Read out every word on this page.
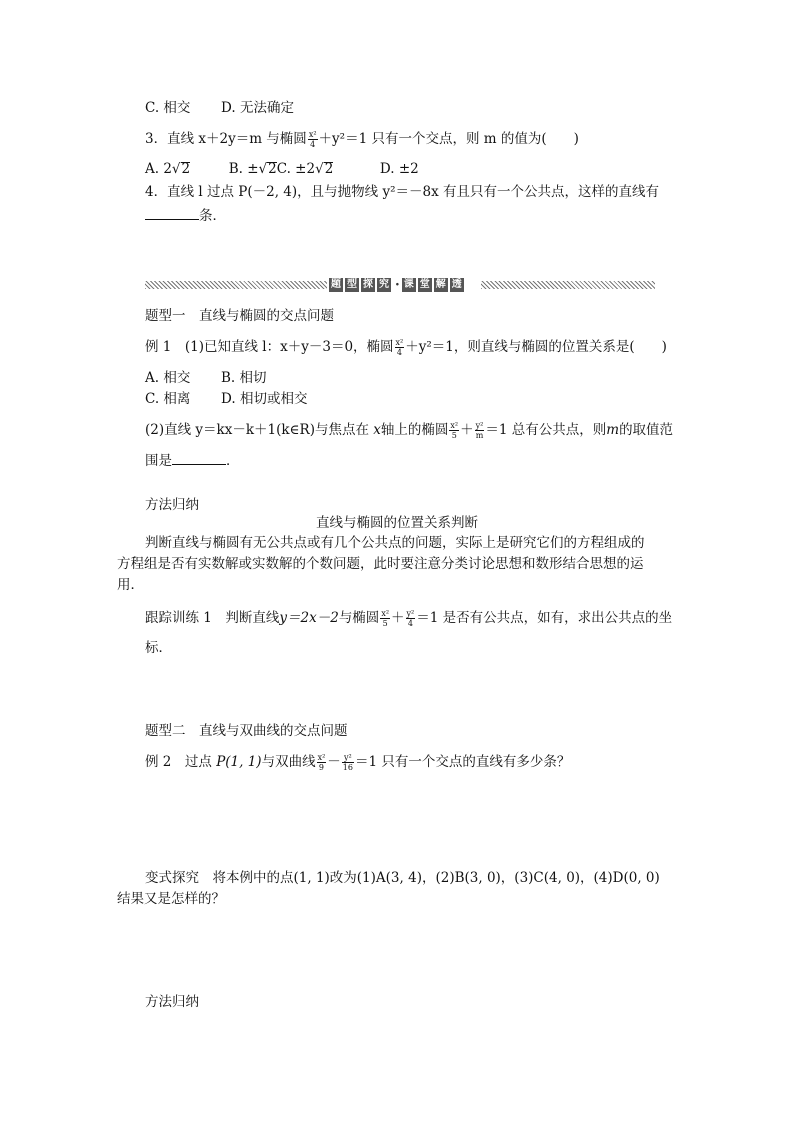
C. 相交 D. 无法确定
3．直线 x＋2y＝m 与椭圆 $\frac{\text{x²}}{4} +y^2=1$ 只有一个交点，则 m 的值为(　　)
A. 2√2	B. ±√2C. ±2√2	D. ±2
4．直线 l 过点 P(－2, 4)，且与抛物线 y²＝－8x 有且只有一个公共点，这样的直线有
条．
题 型 探 究 · 课 堂 解 透
题型一　直线与椭圆的交点问题
例 1　(1)已知直线 l：x＋y－3＝0，椭圆 $\frac{\text{x²}}{4} +y^2=1$，则直线与椭圆的位置关系是(　　)
A. 相交 B. 相切
C. 相离 D. 相切或相交
(2)直线 y＝kx－k＋1(k∈R)与焦点在 x轴上的椭圆 $\frac{\text{x²}}{5} + \frac{\text{y²}}{m} =1$ 总有公共点，则m的取值范
围是	．
方法归纳
直线与椭圆的位置关系判断
判断直线与椭圆有无公共点或有几个公共点的问题，实际上是研究它们的方程组成的方程组是否有实数解或实数解的个数问题，此时要注意分类讨论思想和数形结合思想的运用．
跟踪训练 1　判断直线y＝2x－2与椭圆 $\frac{\text{x²}}{5} + \frac{\text{y²}}{4} =1$ 是否有公共点，如有，求出公共点的坐
标．
题型二　直线与双曲线的交点问题
例 2　过点 P(1, 1)与双曲线 $\frac{\text{x²}}{9} - \frac{\text{y²}}{16} =1$ 只有一个交点的直线有多少条？
变式探究　将本例中的点(1, 1)改为(1)A(3, 4)，(2)B(3, 0)，(3)C(4, 0)，(4)D(0, 0)
结果又是怎样的？
方法归纳
